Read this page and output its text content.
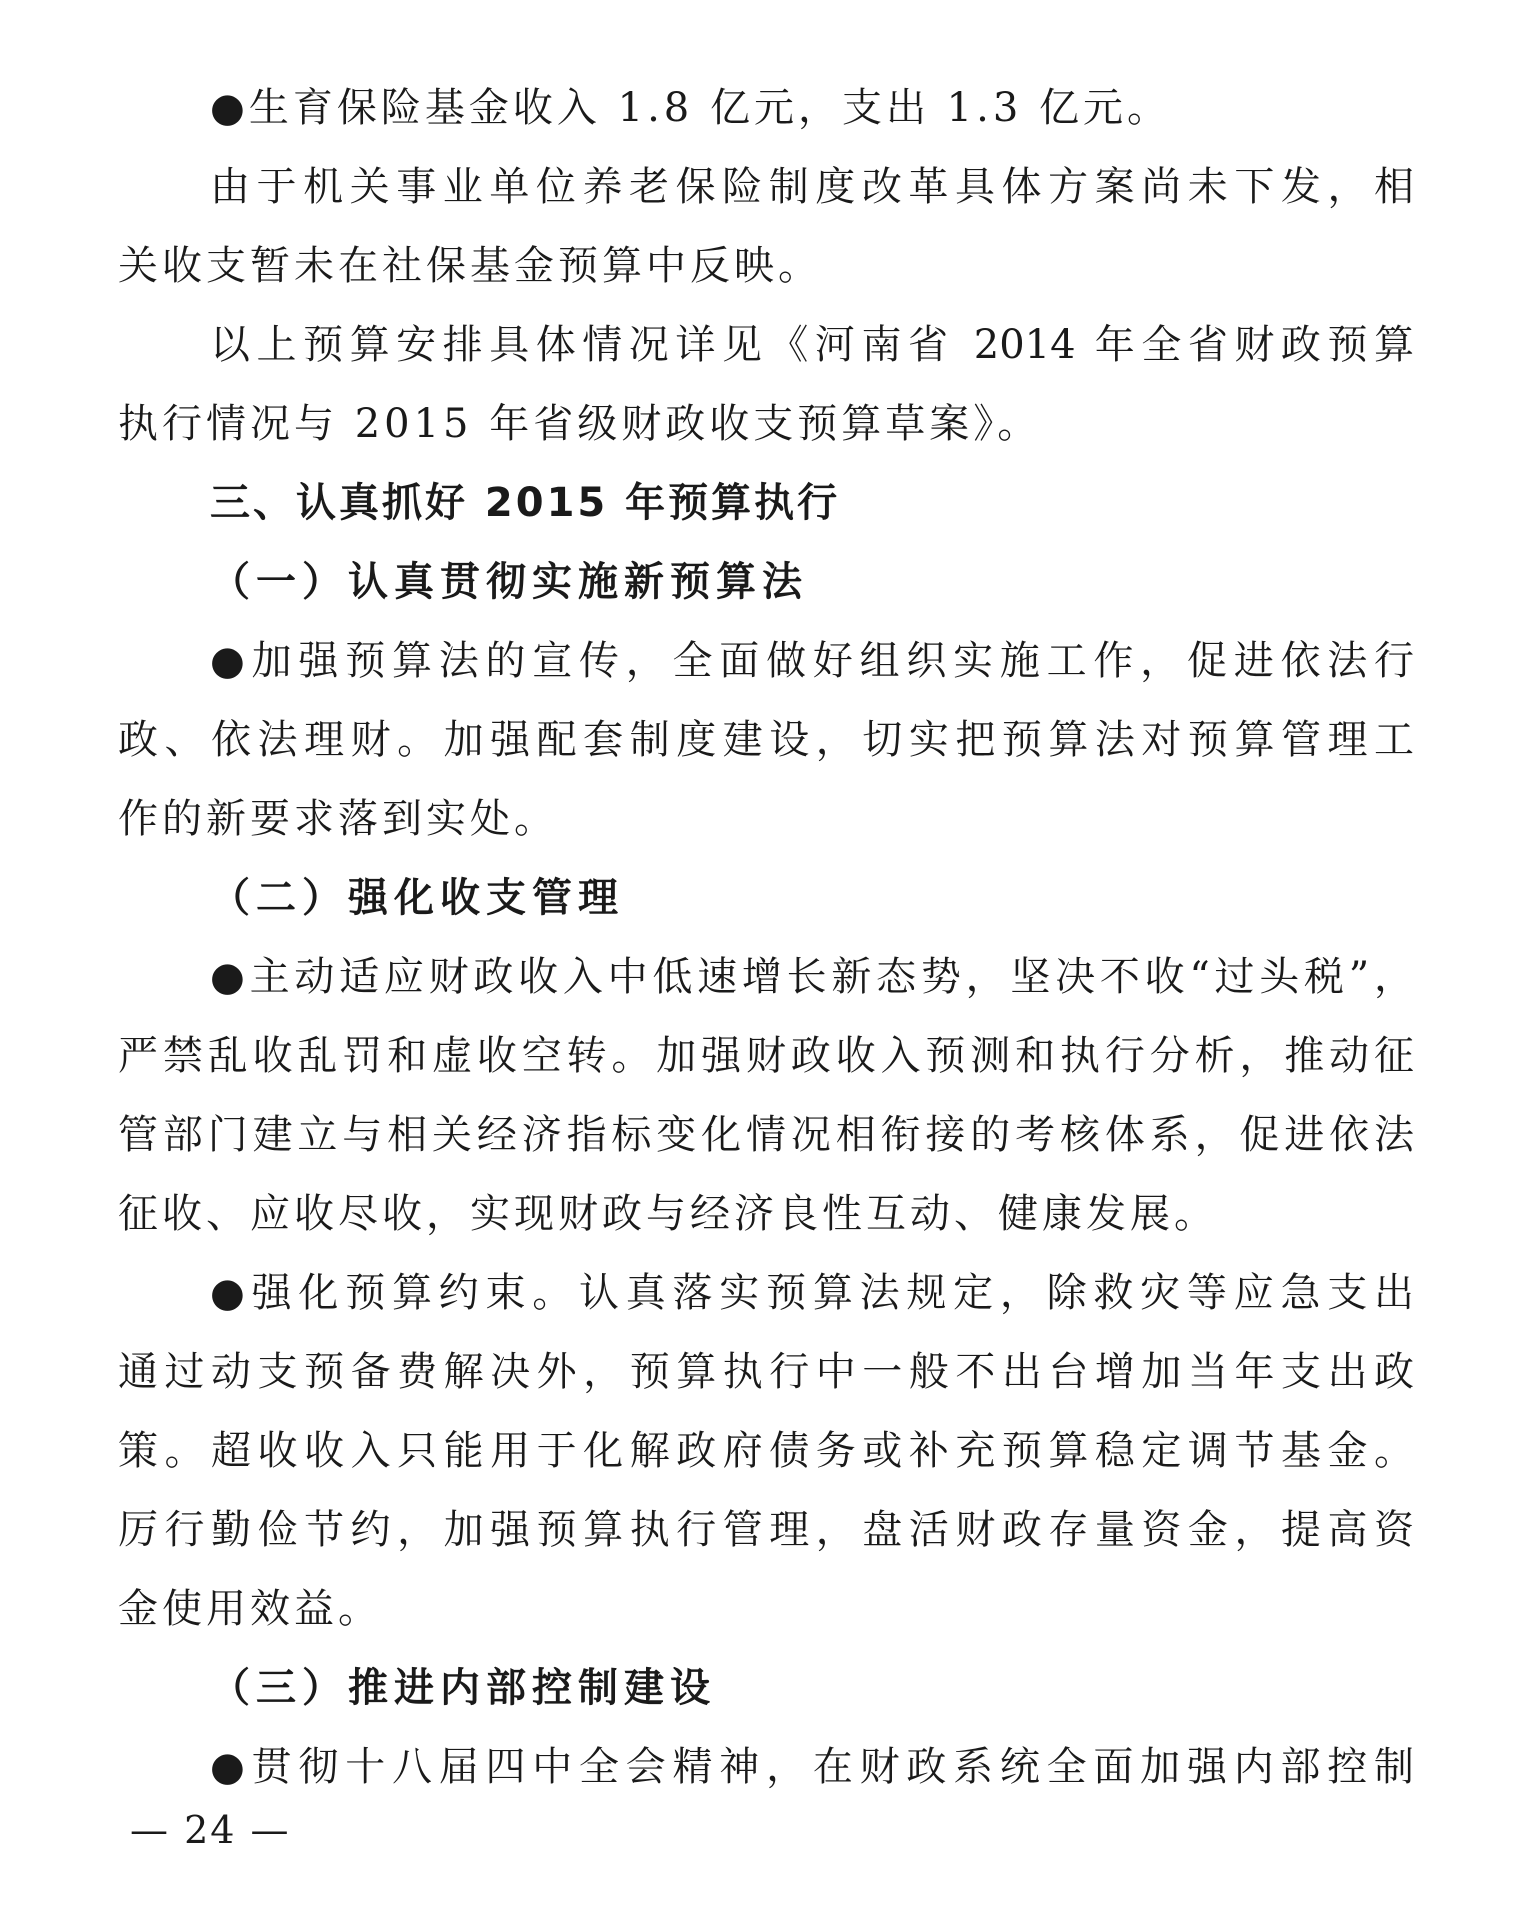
●生育保险基金收入 1.8 亿元，支出 1.3 亿元。
由于机关事业单位养老保险制度改革具体方案尚未下发，相
关收支暂未在社保基金预算中反映。
以上预算安排具体情况详见《河南省 2014 年全省财政预算
执行情况与 2015 年省级财政收支预算草案》。
三、认真抓好 2015 年预算执行
（一）认真贯彻实施新预算法
●加强预算法的宣传，全面做好组织实施工作，促进依法行
政、依法理财。加强配套制度建设，切实把预算法对预算管理工
作的新要求落到实处。
（二）强化收支管理
●主动适应财政收入中低速增长新态势，坚决不收“过头税”，
严禁乱收乱罚和虚收空转。加强财政收入预测和执行分析，推动征
管部门建立与相关经济指标变化情况相衔接的考核体系，促进依法
征收、应收尽收，实现财政与经济良性互动、健康发展。
●强化预算约束。认真落实预算法规定，除救灾等应急支出
通过动支预备费解决外，预算执行中一般不出台增加当年支出政
策。超收收入只能用于化解政府债务或补充预算稳定调节基金。
厉行勤俭节约，加强预算执行管理，盘活财政存量资金，提高资
金使用效益。
（三）推进内部控制建设
●贯彻十八届四中全会精神，在财政系统全面加强内部控制
— 24 —
